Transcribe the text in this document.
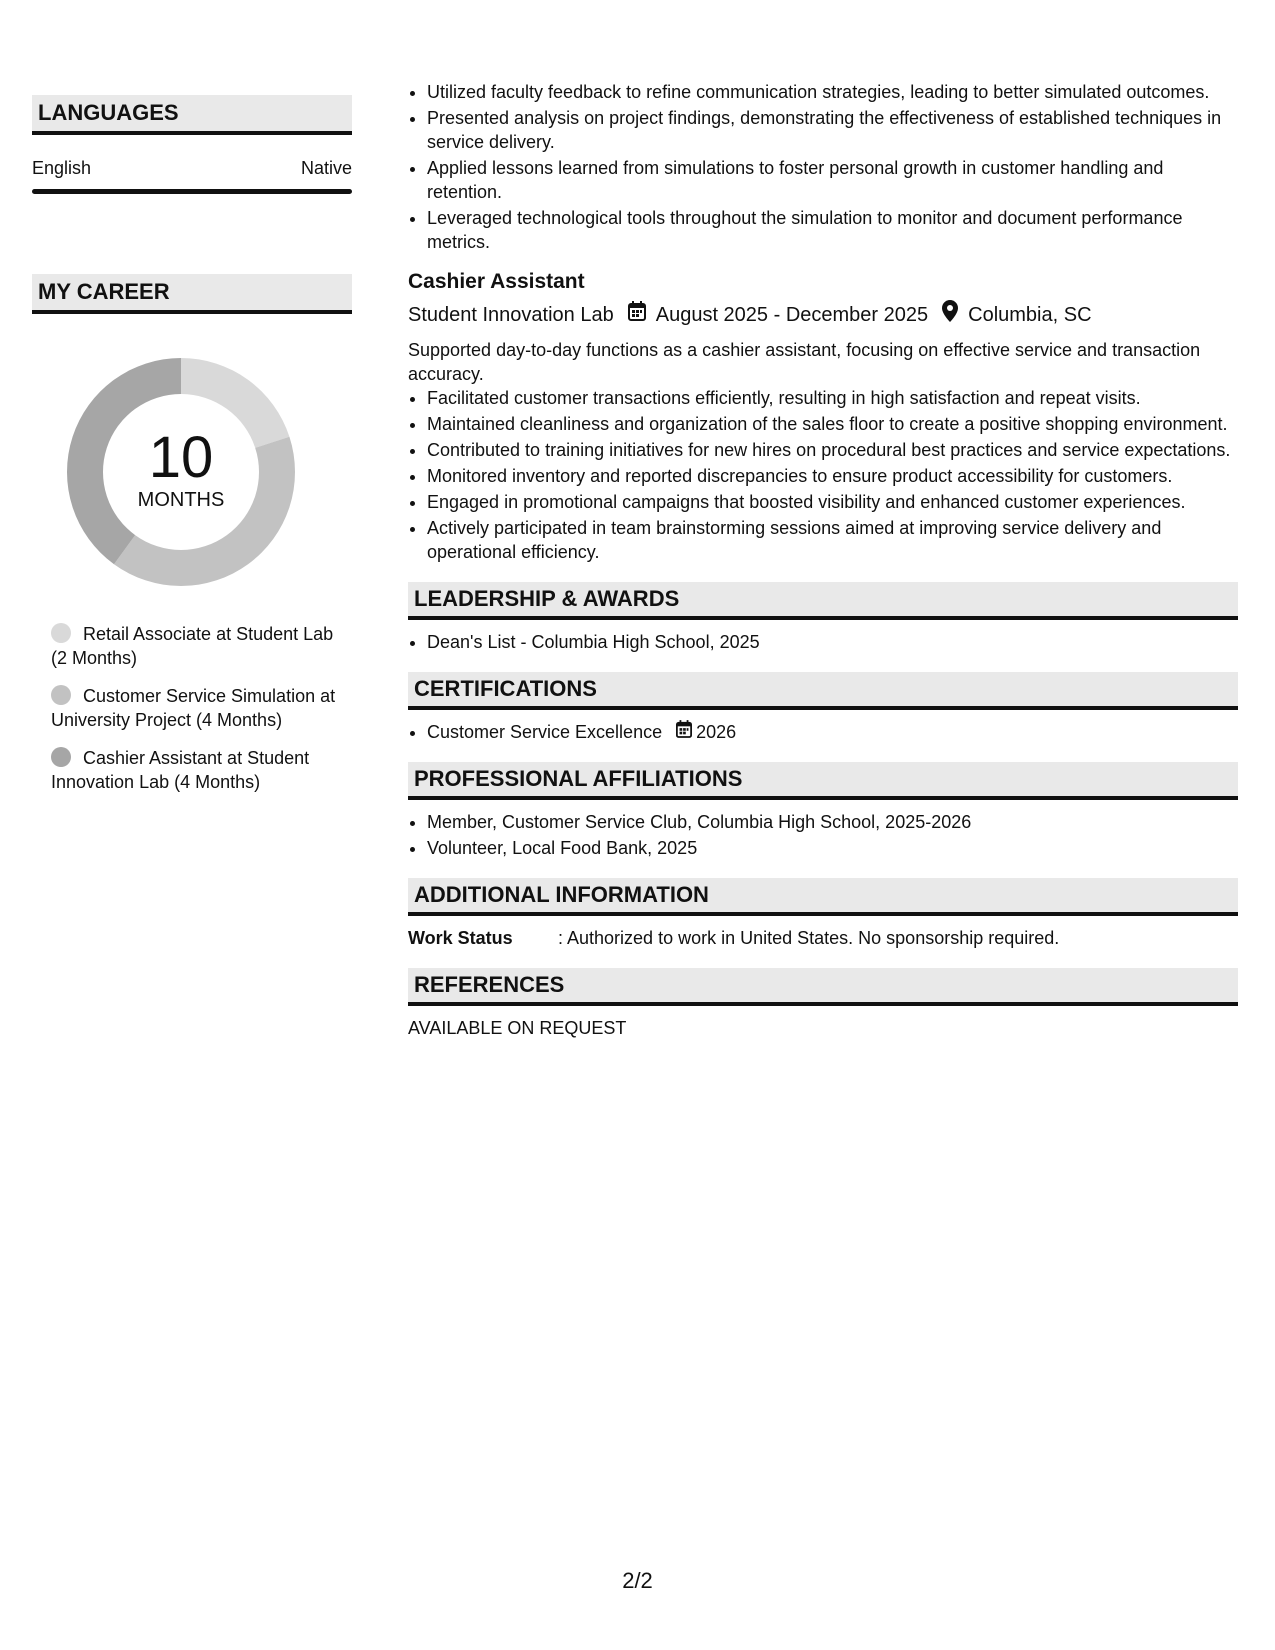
LANGUAGES
English	Native
MY CAREER
10
MONTHS
Retail Associate at Student Lab (2 Months)
Customer Service Simulation at University Project (4 Months)
Cashier Assistant at Student Innovation Lab (4 Months)
• Utilized faculty feedback to refine communication strategies, leading to better simulated outcomes.
• Presented analysis on project findings, demonstrating the effectiveness of established techniques in service delivery.
• Applied lessons learned from simulations to foster personal growth in customer handling and retention.
• Leveraged technological tools throughout the simulation to monitor and document performance metrics.
Cashier Assistant
Student Innovation Lab August 2025 - December 2025 Columbia, SC
Supported day-to-day functions as a cashier assistant, focusing on effective service and transaction accuracy.
• Facilitated customer transactions efficiently, resulting in high satisfaction and repeat visits.
• Maintained cleanliness and organization of the sales floor to create a positive shopping environment.
• Contributed to training initiatives for new hires on procedural best practices and service expectations.
• Monitored inventory and reported discrepancies to ensure product accessibility for customers.
• Engaged in promotional campaigns that boosted visibility and enhanced customer experiences.
• Actively participated in team brainstorming sessions aimed at improving service delivery and operational efficiency.
LEADERSHIP & AWARDS
• Dean's List - Columbia High School, 2025
CERTIFICATIONS
• Customer Service Excellence 2026
PROFESSIONAL AFFILIATIONS
• Member, Customer Service Club, Columbia High School, 2025-2026
• Volunteer, Local Food Bank, 2025
ADDITIONAL INFORMATION
Work Status	: Authorized to work in United States. No sponsorship required.
REFERENCES
AVAILABLE ON REQUEST
2/2
